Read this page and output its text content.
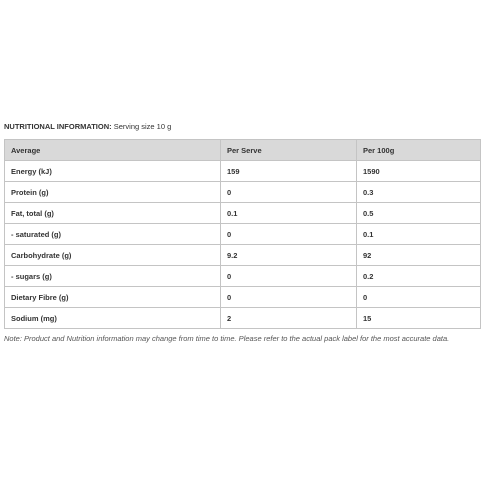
NUTRITIONAL INFORMATION: Serving size 10 g
Average	Per Serve	Per 100g
Energy (kJ)	159	1590
Protein (g)	0	0.3
Fat, total (g)	0.1	0.5
- saturated (g)	0	0.1
Carbohydrate (g)	9.2	92
- sugars (g)	0	0.2
Dietary Fibre (g)	0	0
Sodium (mg)	2	15
Note: Product and Nutrition information may change from time to time. Please refer to the actual pack label for the most accurate data.
